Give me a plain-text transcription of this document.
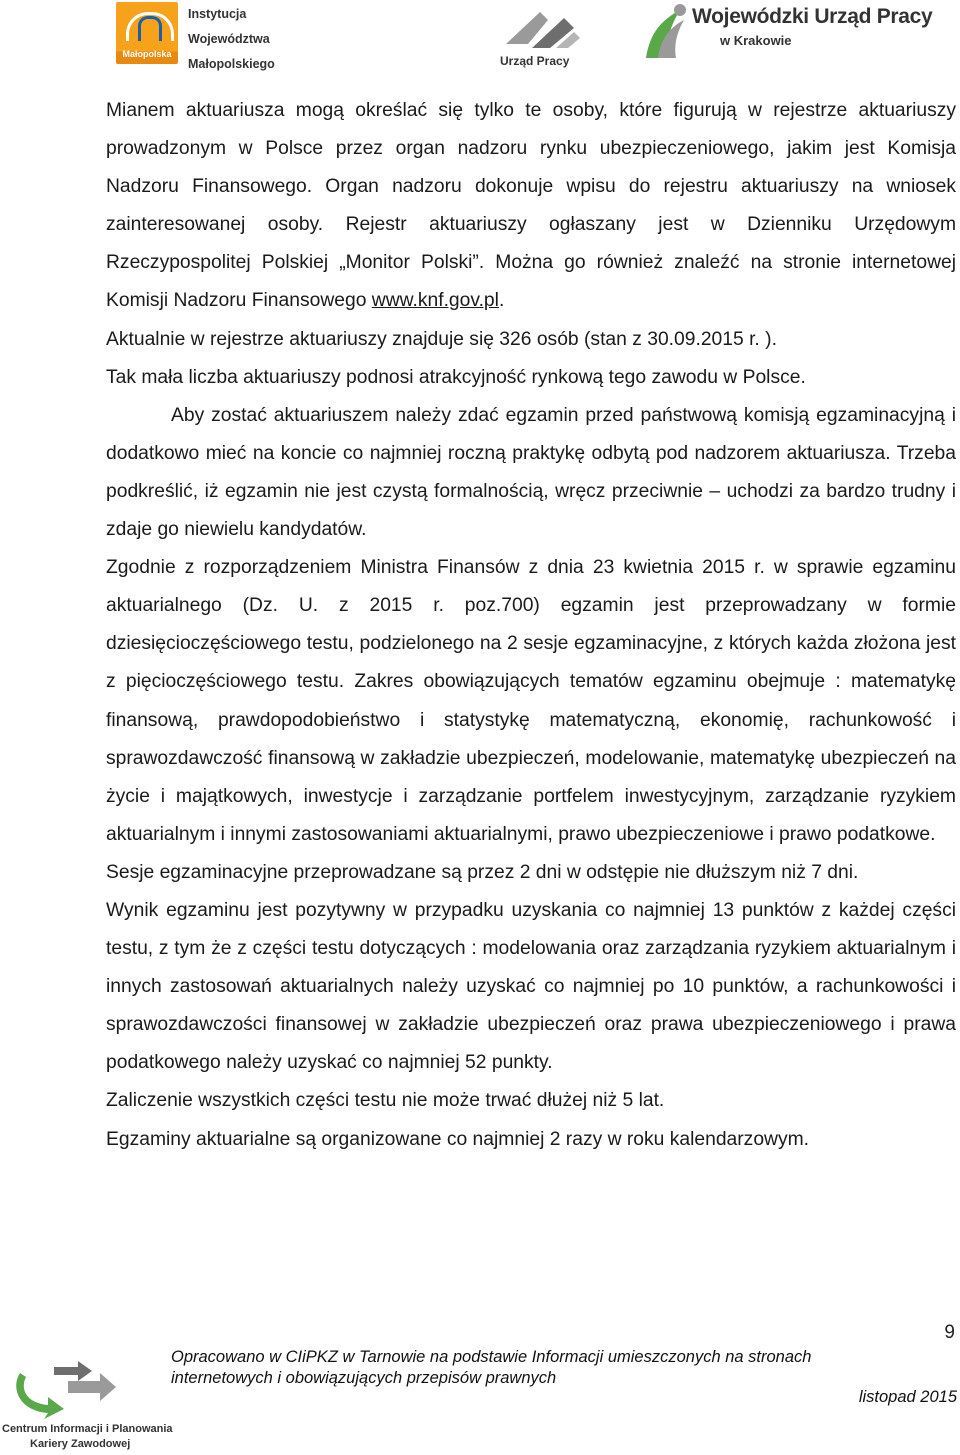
Małopolska
Instytucja
Województwa
Małopolskiego	Urząd Pracy
Wojewódzki Urząd Pracy
w Krakowie

Mianem aktuariusza mogą określać się tylko te osoby, które figurują w rejestrze aktuariuszy prowadzonym w Polsce przez organ nadzoru rynku ubezpieczeniowego, jakim jest Komisja Nadzoru Finansowego. Organ nadzoru dokonuje wpisu do rejestru aktuariuszy na wniosek zainteresowanej osoby. Rejestr aktuariuszy ogłaszany jest w Dzienniku Urzędowym Rzeczypospolitej Polskiej „Monitor Polski”. Można go również znaleźć na stronie internetowej Komisji Nadzoru Finansowego www.knf.gov.pl.

Aktualnie w rejestrze aktuariuszy znajduje się 326 osób (stan z 30.09.2015 r. ).

Tak mała liczba aktuariuszy podnosi atrakcyjność rynkową tego zawodu w Polsce.

Aby zostać aktuariuszem należy zdać egzamin przed państwową komisją egzaminacyjną i dodatkowo mieć na koncie co najmniej roczną praktykę odbytą pod nadzorem aktuariusza. Trzeba podkreślić, iż egzamin nie jest czystą formalnością, wręcz przeciwnie – uchodzi za bardzo trudny i zdaje go niewielu kandydatów.

Zgodnie z rozporządzeniem Ministra Finansów z dnia 23 kwietnia 2015 r. w sprawie egzaminu aktuarialnego (Dz. U. z 2015 r. poz.700) egzamin jest przeprowadzany w formie dziesięcioczęściowego testu, podzielonego na 2 sesje egzaminacyjne, z których każda złożona jest z pięcioczęściowego testu. Zakres obowiązujących tematów egzaminu obejmuje : matematykę finansową, prawdopodobieństwo i statystykę matematyczną, ekonomię, rachunkowość i sprawozdawczość finansową w zakładzie ubezpieczeń, modelowanie, matematykę ubezpieczeń na życie i majątkowych, inwestycje i zarządzanie portfelem inwestycyjnym, zarządzanie ryzykiem aktuarialnym i innymi zastosowaniami aktuarialnymi, prawo ubezpieczeniowe i prawo podatkowe.

Sesje egzaminacyjne przeprowadzane są przez 2 dni w odstępie nie dłuższym niż 7 dni.

Wynik egzaminu jest pozytywny w przypadku uzyskania co najmniej 13 punktów z każdej części testu, z tym że z części testu dotyczących : modelowania oraz zarządzania ryzykiem aktuarialnym i innych zastosowań aktuarialnych należy uzyskać co najmniej po 10 punktów, a rachunkowości i sprawozdawczości finansowej w zakładzie ubezpieczeń oraz prawa ubezpieczeniowego i prawa podatkowego należy uzyskać co najmniej 52 punkty.

Zaliczenie wszystkich części testu nie może trwać dłużej niż 5 lat.

Egzaminy aktuarialne są organizowane co najmniej 2 razy w roku kalendarzowym.

9
Centrum Informacji i Planowania
Kariery Zawodowej
Opracowano w CIiPKZ w Tarnowie na podstawie Informacji umieszczonych na stronach
internetowych i obowiązujących przepisów prawnych
listopad 2015
